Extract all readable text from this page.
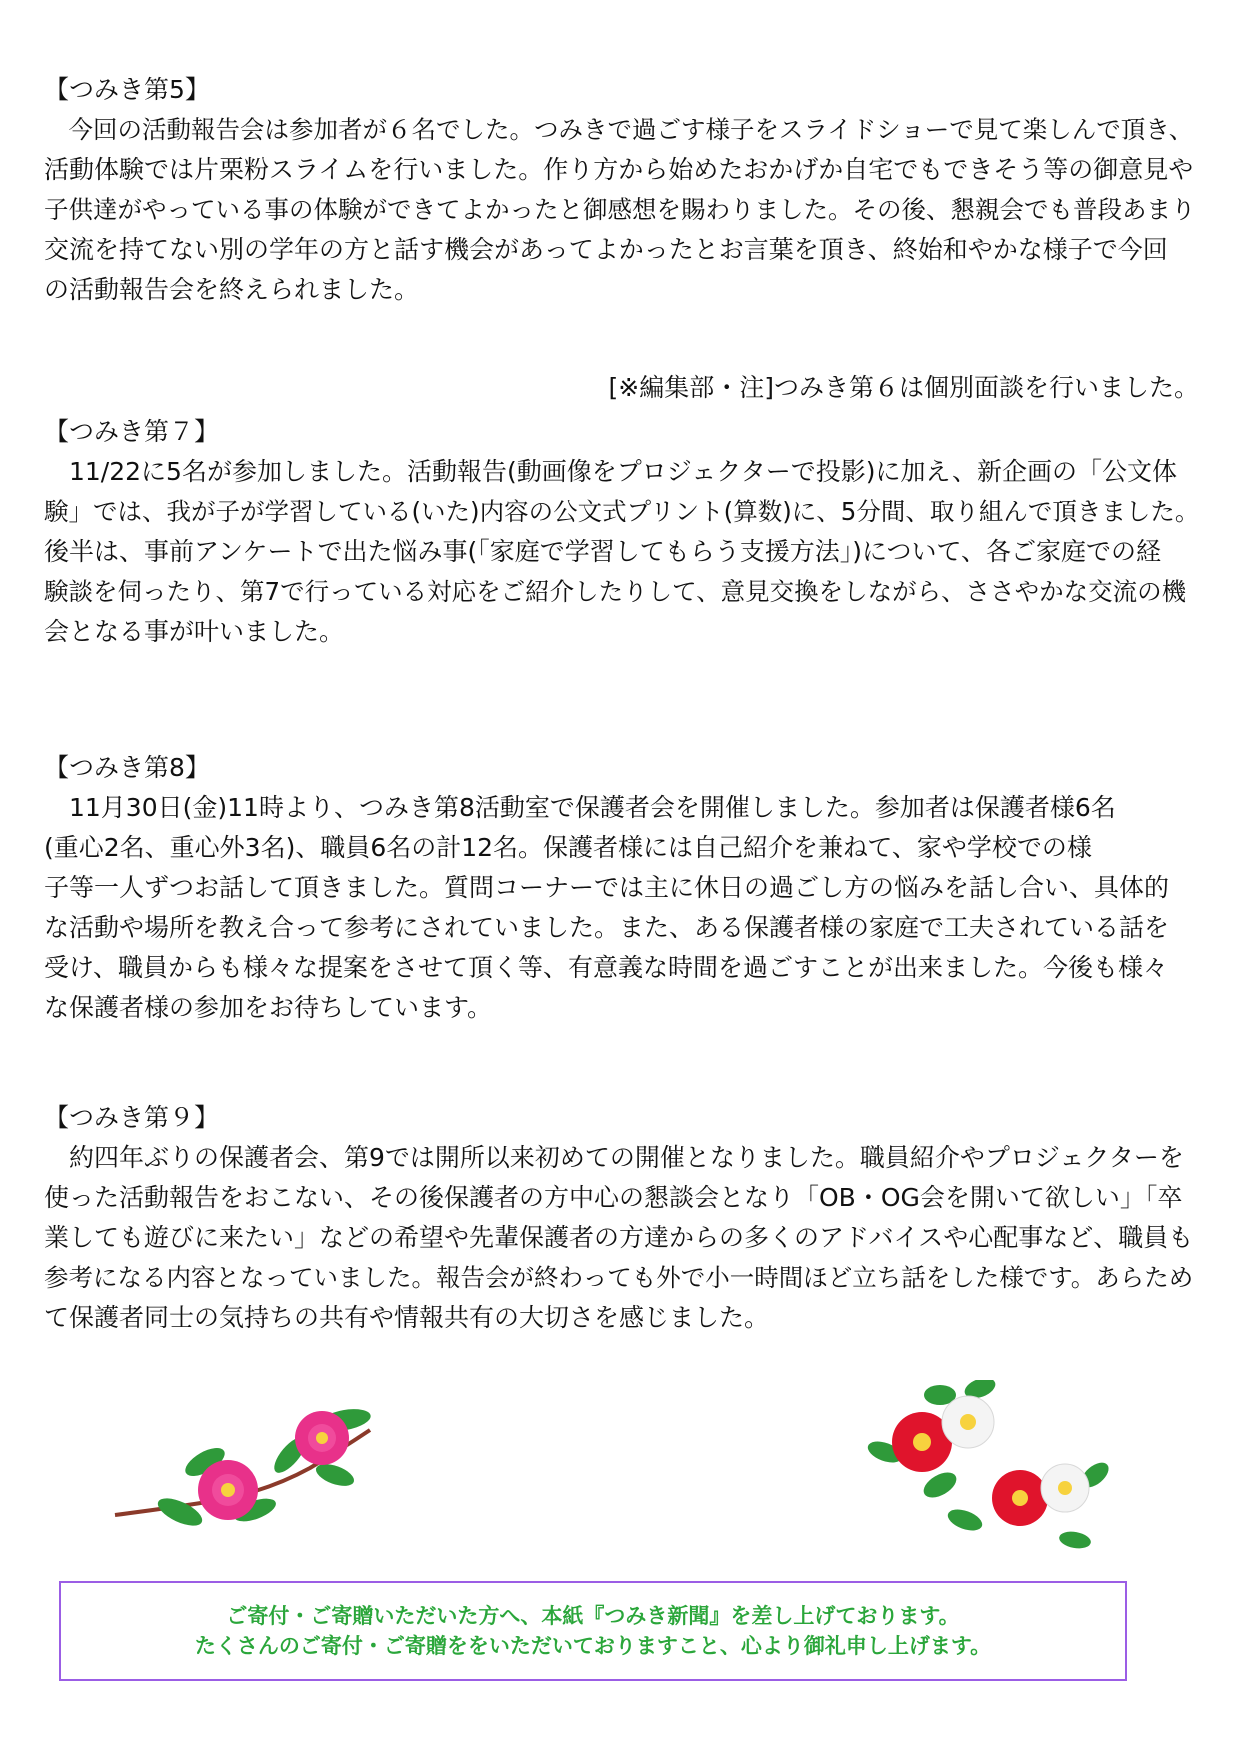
【つみき第5】

　今回の活動報告会は参加者が６名でした。つみきで過ごす様子をスライドショーで見て楽しんで頂き、

活動体験では片栗粉スライムを行いました。作り方から始めたおかげか自宅でもできそう等の御意見や

子供達がやっている事の体験ができてよかったと御感想を賜わりました。その後、懇親会でも普段あまり

交流を持てない別の学年の方と話す機会があってよかったとお言葉を頂き、終始和やかな様子で今回

の活動報告会を終えられました。

[※編集部・注]つみき第６は個別面談を行いました。

【つみき第７】

　11/22に5名が参加しました。活動報告(動画像をプロジェクターで投影)に加え、新企画の「公文体

験」では、我が子が学習している(いた)内容の公文式プリント(算数)に、5分間、取り組んで頂きました。

後半は、事前アンケートで出た悩み事(「家庭で学習してもらう支援方法」)について、各ご家庭での経

験談を伺ったり、第7で行っている対応をご紹介したりして、意見交換をしながら、ささやかな交流の機

会となる事が叶いました。

【つみき第8】

　11月30日(金)11時より、つみき第8活動室で保護者会を開催しました。参加者は保護者様6名

(重心2名、重心外3名)、職員6名の計12名。保護者様には自己紹介を兼ねて、家や学校での様

子等一人ずつお話して頂きました。質問コーナーでは主に休日の過ごし方の悩みを話し合い、具体的

な活動や場所を教え合って参考にされていました。また、ある保護者様の家庭で工夫されている話を

受け、職員からも様々な提案をさせて頂く等、有意義な時間を過ごすことが出来ました。今後も様々

な保護者様の参加をお待ちしています。

【つみき第９】

　約四年ぶりの保護者会、第9では開所以来初めての開催となりました。職員紹介やプロジェクターを

使った活動報告をおこない、その後保護者の方中心の懇談会となり「OB・OG会を開いて欲しい」「卒

業しても遊びに来たい」などの希望や先輩保護者の方達からの多くのアドバイスや心配事など、職員も

参考になる内容となっていました。報告会が終わっても外で小一時間ほど立ち話をした様です。あらため

て保護者同士の気持ちの共有や情報共有の大切さを感じました。

ご寄付・ご寄贈いただいた方へ、本紙『つみき新聞』を差し上げております。
たくさんのご寄付・ご寄贈ををいただいておりますこと、心より御礼申し上げます。
